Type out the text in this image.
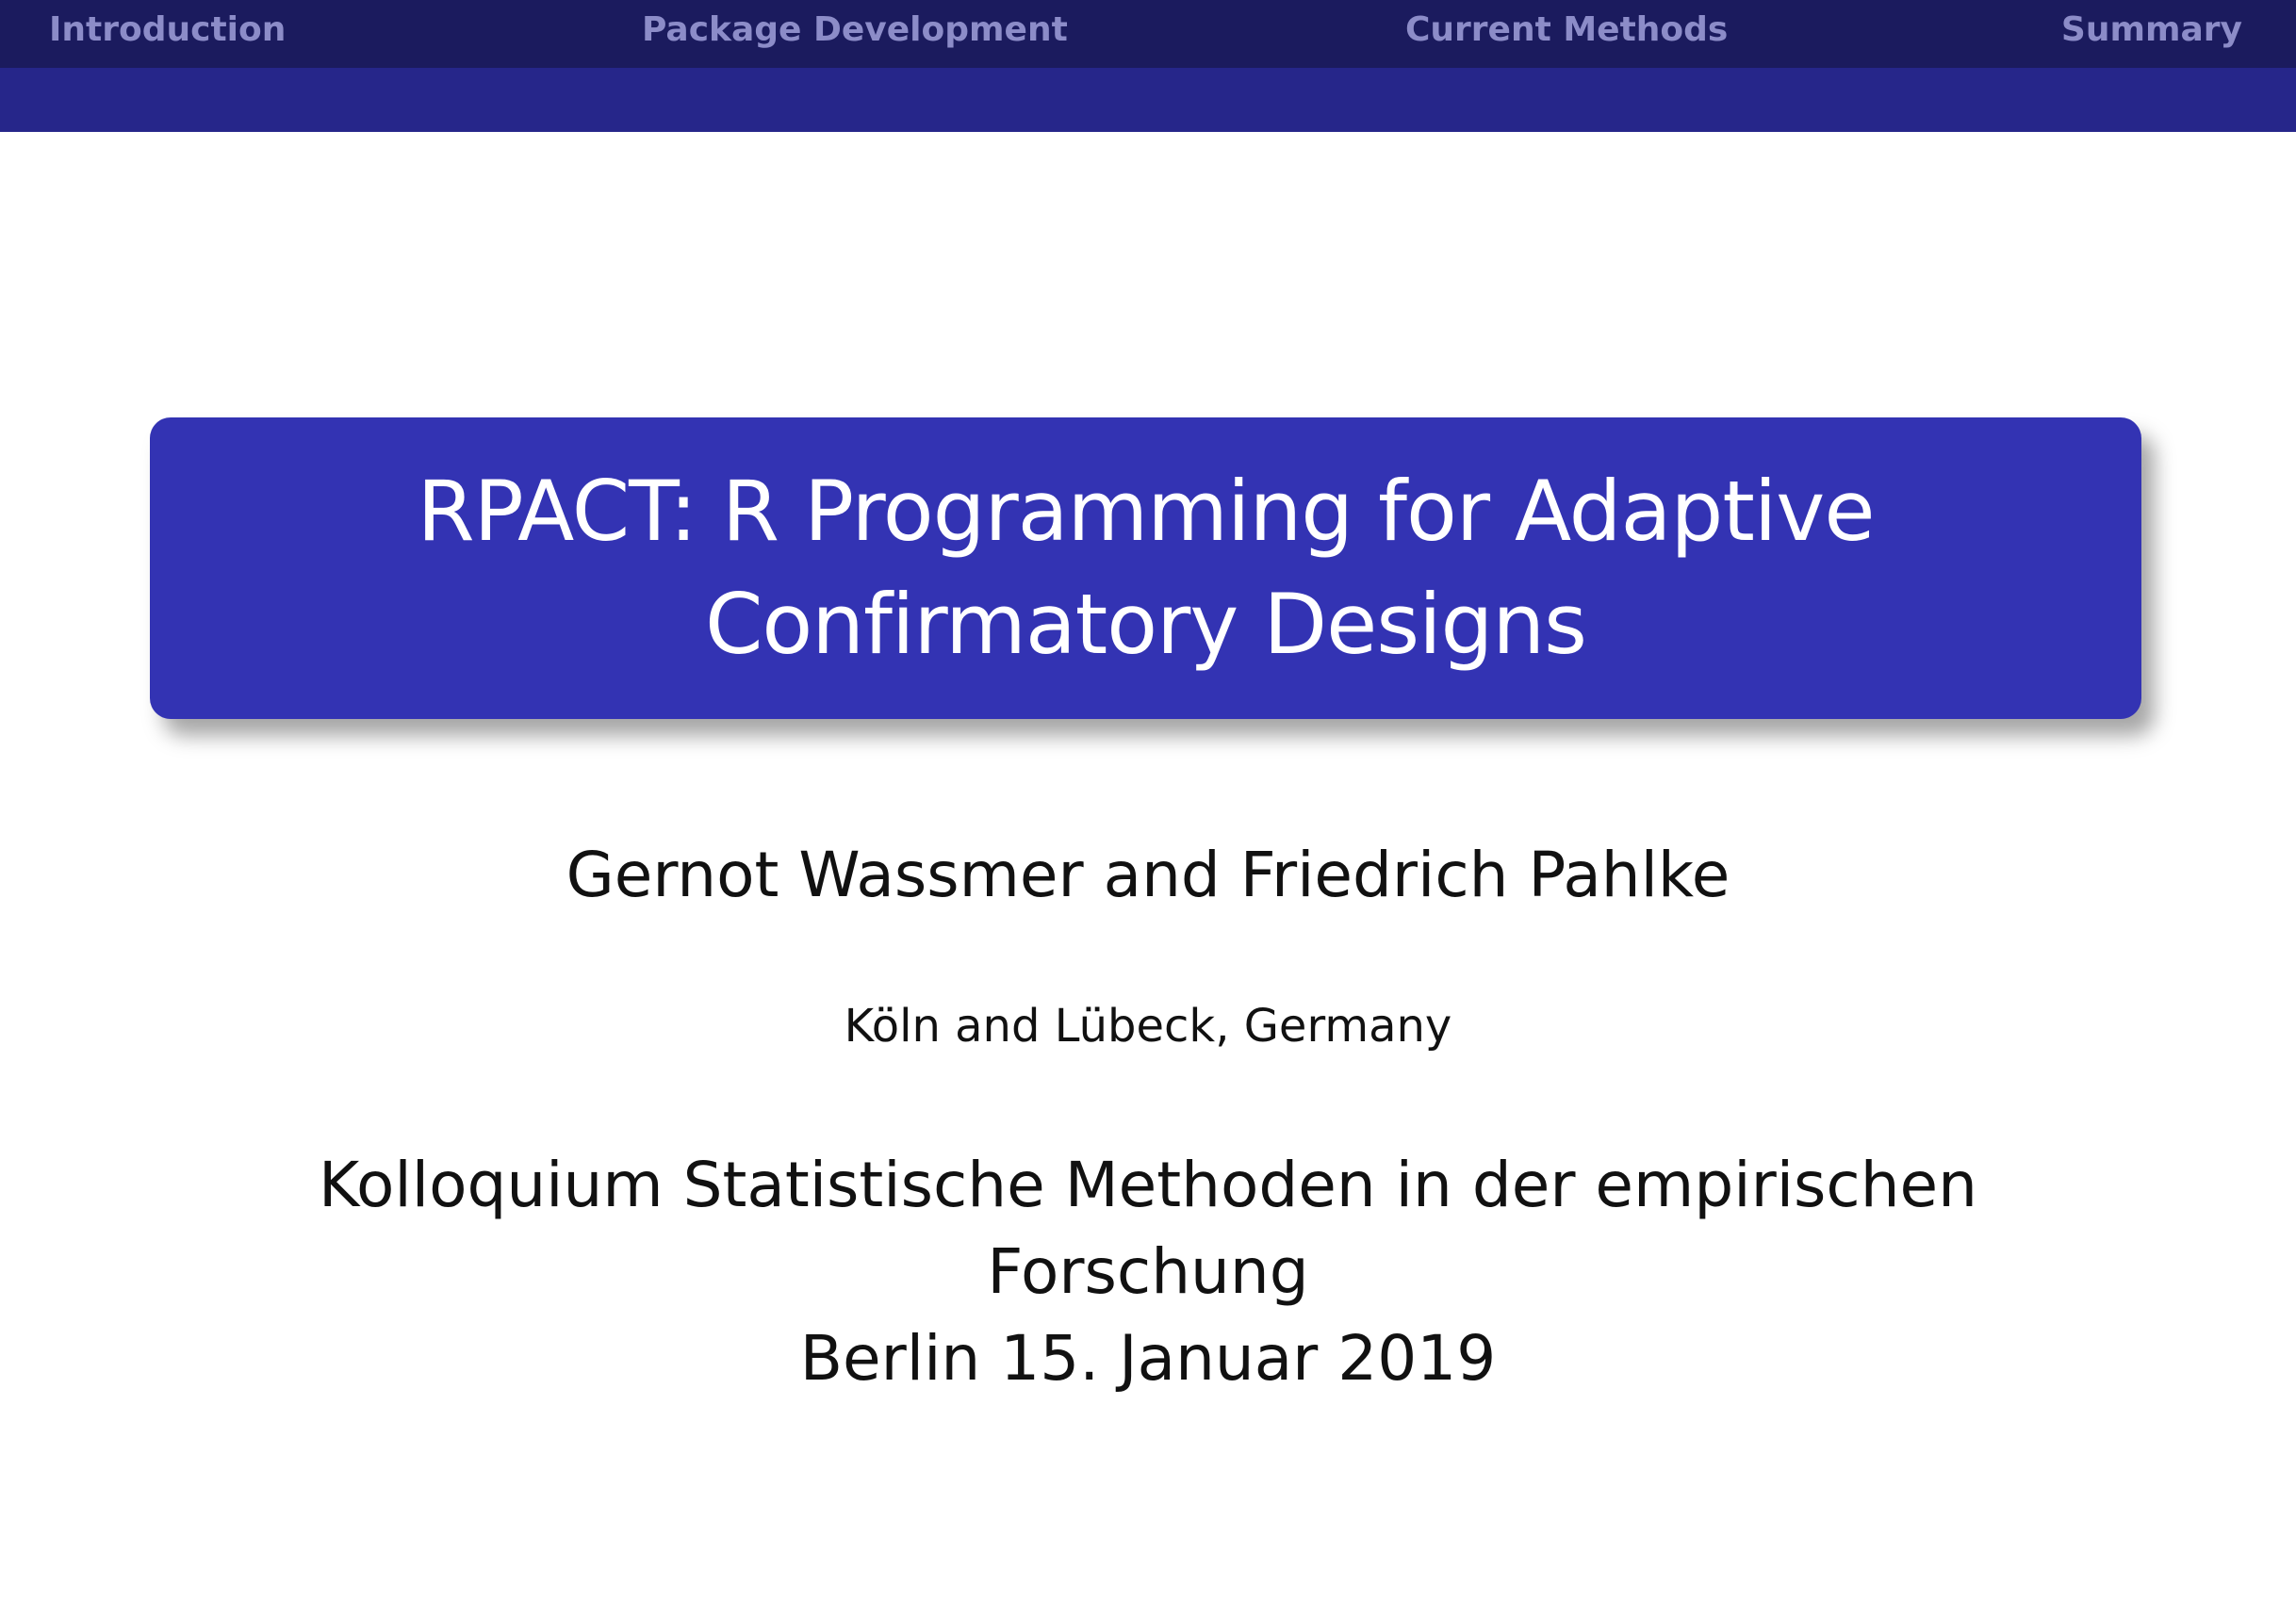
Introduction	Package Development	Current Methods	Summary
RPACT: R Programming for Adaptive
Confirmatory Designs
Gernot Wassmer and Friedrich Pahlke
Köln and Lübeck, Germany
Kolloquium Statistische Methoden in der empirischen
Forschung
Berlin 15. Januar 2019
